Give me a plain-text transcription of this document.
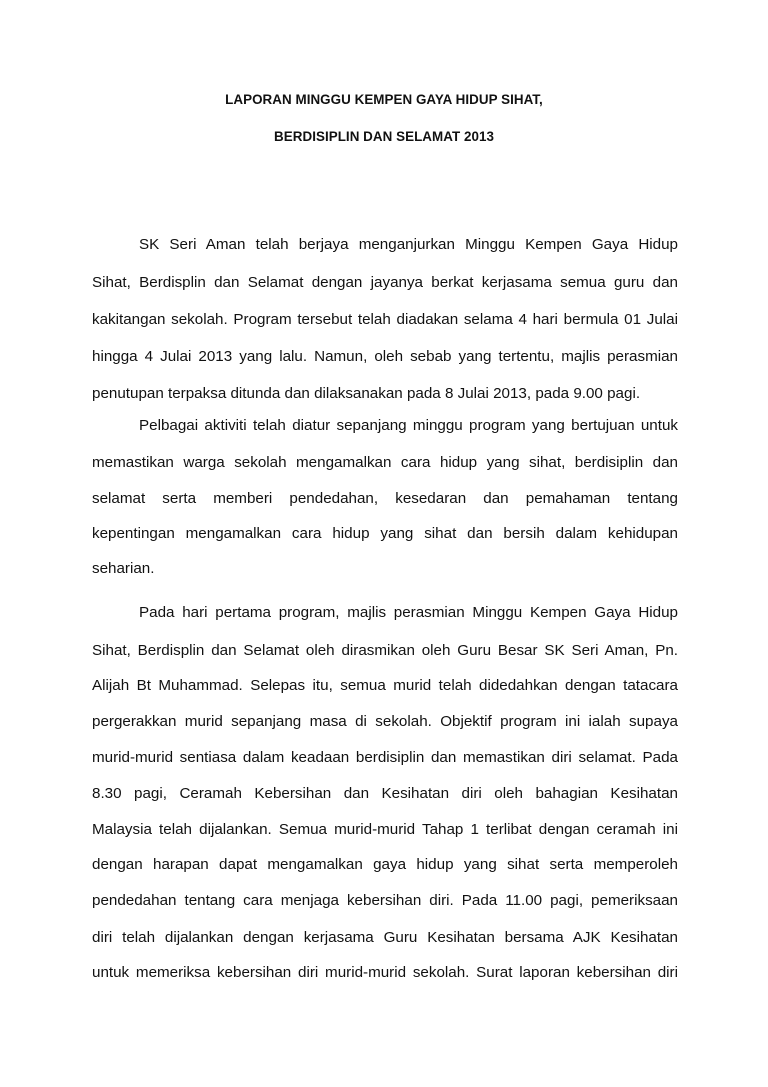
LAPORAN MINGGU KEMPEN GAYA HIDUP SIHAT,
BERDISIPLIN DAN SELAMAT 2013
SK Seri Aman telah berjaya menganjurkan Minggu Kempen Gaya Hidup
Sihat, Berdisplin dan Selamat dengan jayanya berkat kerjasama semua guru dan
kakitangan sekolah. Program tersebut telah diadakan selama 4 hari bermula 01 Julai
hingga 4 Julai 2013 yang lalu. Namun, oleh sebab yang tertentu, majlis perasmian
penutupan terpaksa ditunda dan dilaksanakan pada 8 Julai 2013, pada 9.00 pagi.
Pelbagai aktiviti telah diatur sepanjang minggu program yang bertujuan untuk
memastikan warga sekolah mengamalkan cara hidup yang sihat, berdisiplin dan
selamat serta memberi pendedahan, kesedaran dan pemahaman tentang
kepentingan mengamalkan cara hidup yang sihat dan bersih dalam kehidupan
seharian.
Pada hari pertama program, majlis perasmian Minggu Kempen Gaya Hidup
Sihat, Berdisplin dan Selamat oleh dirasmikan oleh Guru Besar SK Seri Aman, Pn.
Alijah Bt Muhammad. Selepas itu, semua murid telah didedahkan dengan tatacara
pergerakkan murid sepanjang masa di sekolah. Objektif program ini ialah supaya
murid-murid sentiasa dalam keadaan berdisiplin dan memastikan diri selamat. Pada
8.30 pagi, Ceramah Kebersihan dan Kesihatan diri oleh bahagian Kesihatan
Malaysia telah dijalankan. Semua murid-murid Tahap 1 terlibat dengan ceramah ini
dengan harapan dapat mengamalkan gaya hidup yang sihat serta memperoleh
pendedahan tentang cara menjaga kebersihan diri. Pada 11.00 pagi, pemeriksaan
diri telah dijalankan dengan kerjasama Guru Kesihatan bersama AJK Kesihatan
untuk memeriksa kebersihan diri murid-murid sekolah. Surat laporan kebersihan diri
